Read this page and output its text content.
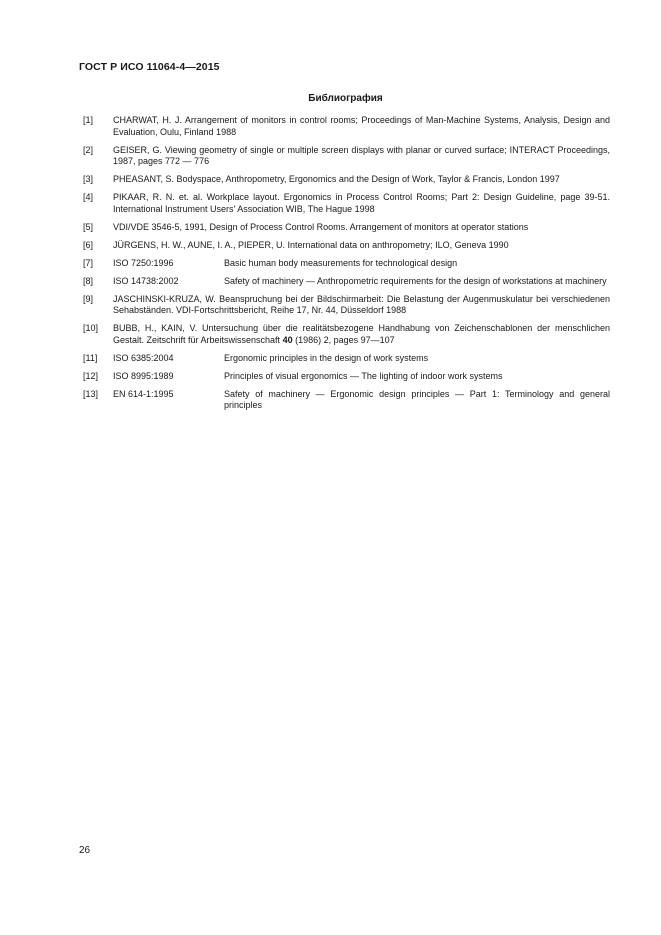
ГОСТ Р ИСО 11064-4—2015
Библиография
[1]	CHARWAT, H. J. Arrangement of monitors in control rooms; Proceedings of Man-Machine Systems, Analysis, Design and Evaluation, Oulu, Finland 1988
[2]	GEISER, G. Viewing geometry of single or multiple screen displays with planar or curved surface; INTERACT Proceedings, 1987, pages 772 — 776
[3]	PHEASANT, S. Bodyspace, Anthropometry, Ergonomics and the Design of Work, Taylor & Francis, London 1997
[4]	PIKAAR, R. N. et. al. Workplace layout. Ergonomics in Process Control Rooms; Part 2: Design Guideline, page 39-51. International Instrument Users' Association WIB, The Hague 1998
[5]	VDI/VDE 3546-5, 1991, Design of Process Control Rooms. Arrangement of monitors at operator stations
[6]	JÜRGENS, H. W., AUNE, I. A., PIEPER, U. International data on anthropometry; ILO, Geneva 1990
[7]	ISO 7250:1996	Basic human body measurements for technological design
[8]	ISO 14738:2002	Safety of machinery — Anthropometric requirements for the design of workstations at machinery
[9]	JASCHINSKI-KRUZA, W. Beanspruchung bei der Bildschirmarbeit: Die Belastung der Augenmuskulatur bei verschiedenen Sehabständen. VDI-Fortschrittsbericht, Reihe 17, Nr. 44, Düsseldorf 1988
[10]	BUBB, H., KAIN, V. Untersuchung über die realitätsbezogene Handhabung von Zeichenschablonen der menschlichen Gestalt. Zeitschrift für Arbeitswissenschaft 40 (1986) 2, pages 97—107
[11]	ISO 6385:2004	Ergonomic principles in the design of work systems
[12]	ISO 8995:1989	Principles of visual ergonomics — The lighting of indoor work systems
[13]	EN 614-1:1995	Safety of machinery — Ergonomic design principles — Part 1: Terminology and general principles
26
